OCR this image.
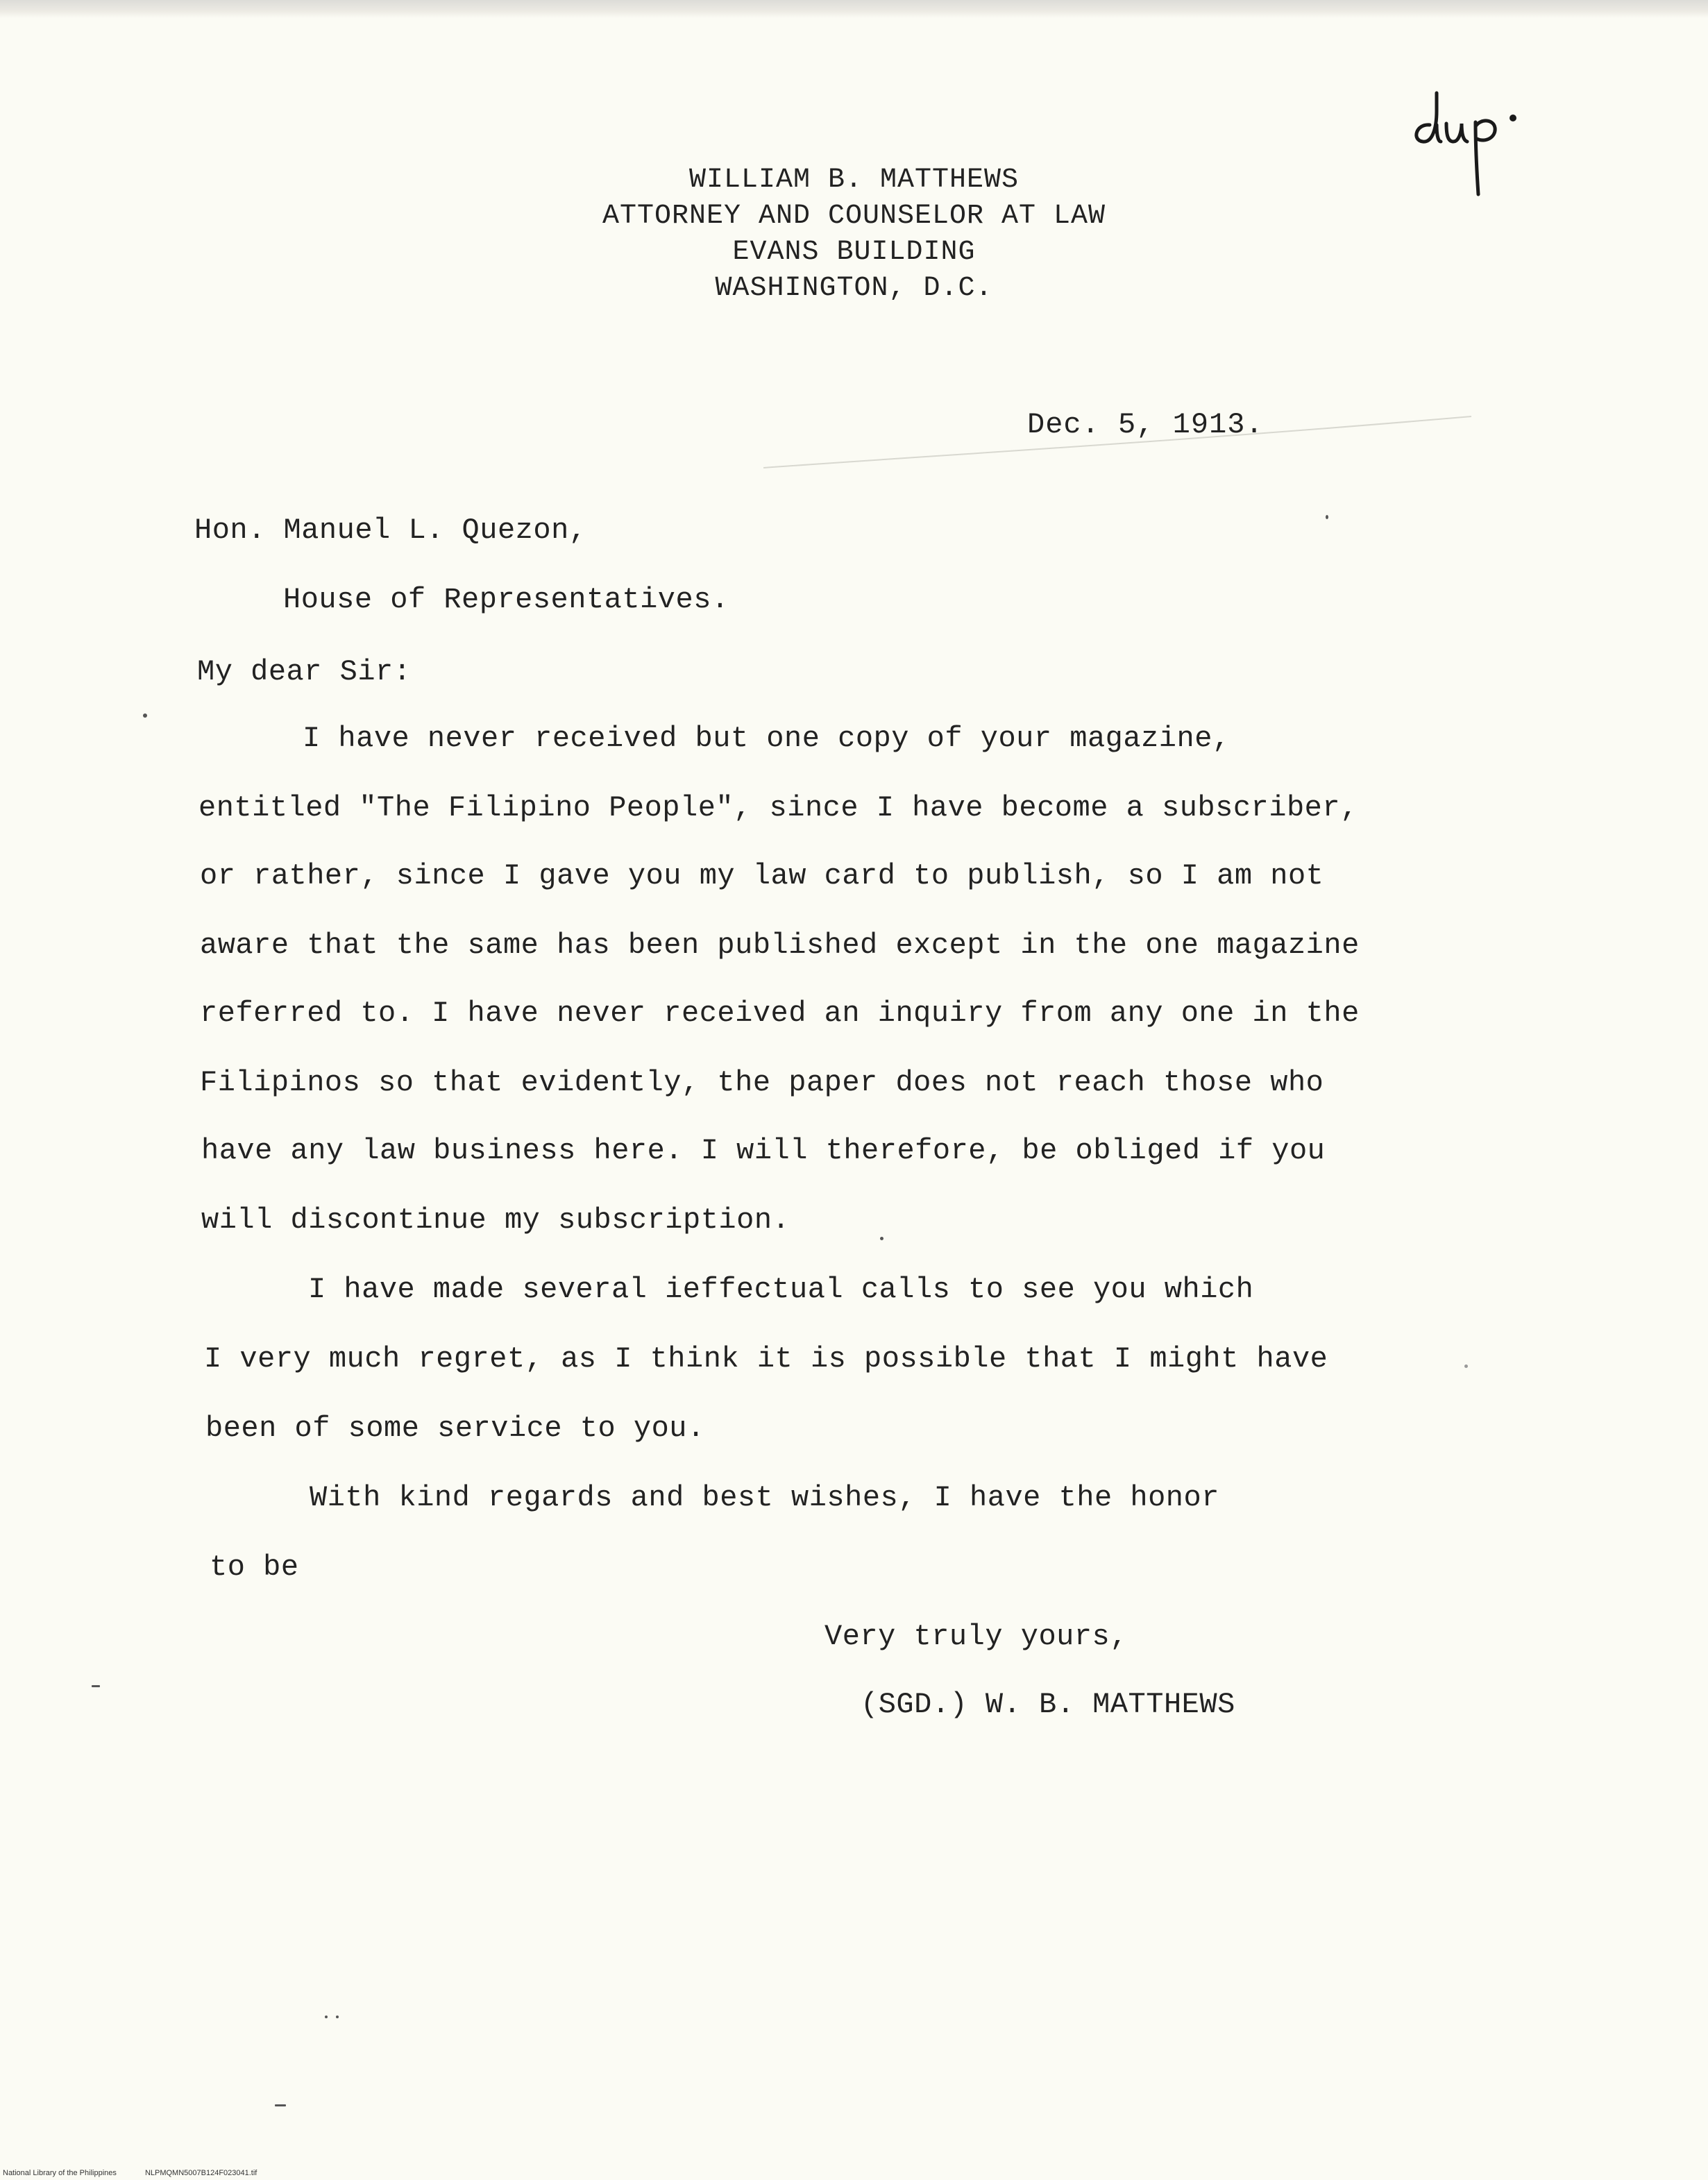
WILLIAM B. MATTHEWS
ATTORNEY AND COUNSELOR AT LAW
EVANS BUILDING
WASHINGTON, D.C.
Dec. 5, 1913.
Hon. Manuel L. Quezon,
House of Representatives.
My dear Sir:
I have never received but one copy of your magazine,
entitled "The Filipino People", since I have become a subscriber,
or rather, since I gave you my law card to publish, so I am not
aware that the same has been published except in the one magazine
referred to. I have never received an inquiry from any one in the
Filipinos so that evidently, the paper does not reach those who
have any law business here. I will therefore, be obliged if you
will discontinue my subscription.
I have made several ieffectual calls to see you which
I very much regret, as I think it is possible that I might have
been of some service to you.
With kind regards and best wishes, I have the honor
to be
Very truly yours,
(SGD.) W. B. MATTHEWS
National Library of the Philippines	NLPMQMN5007B124F023041.tif
